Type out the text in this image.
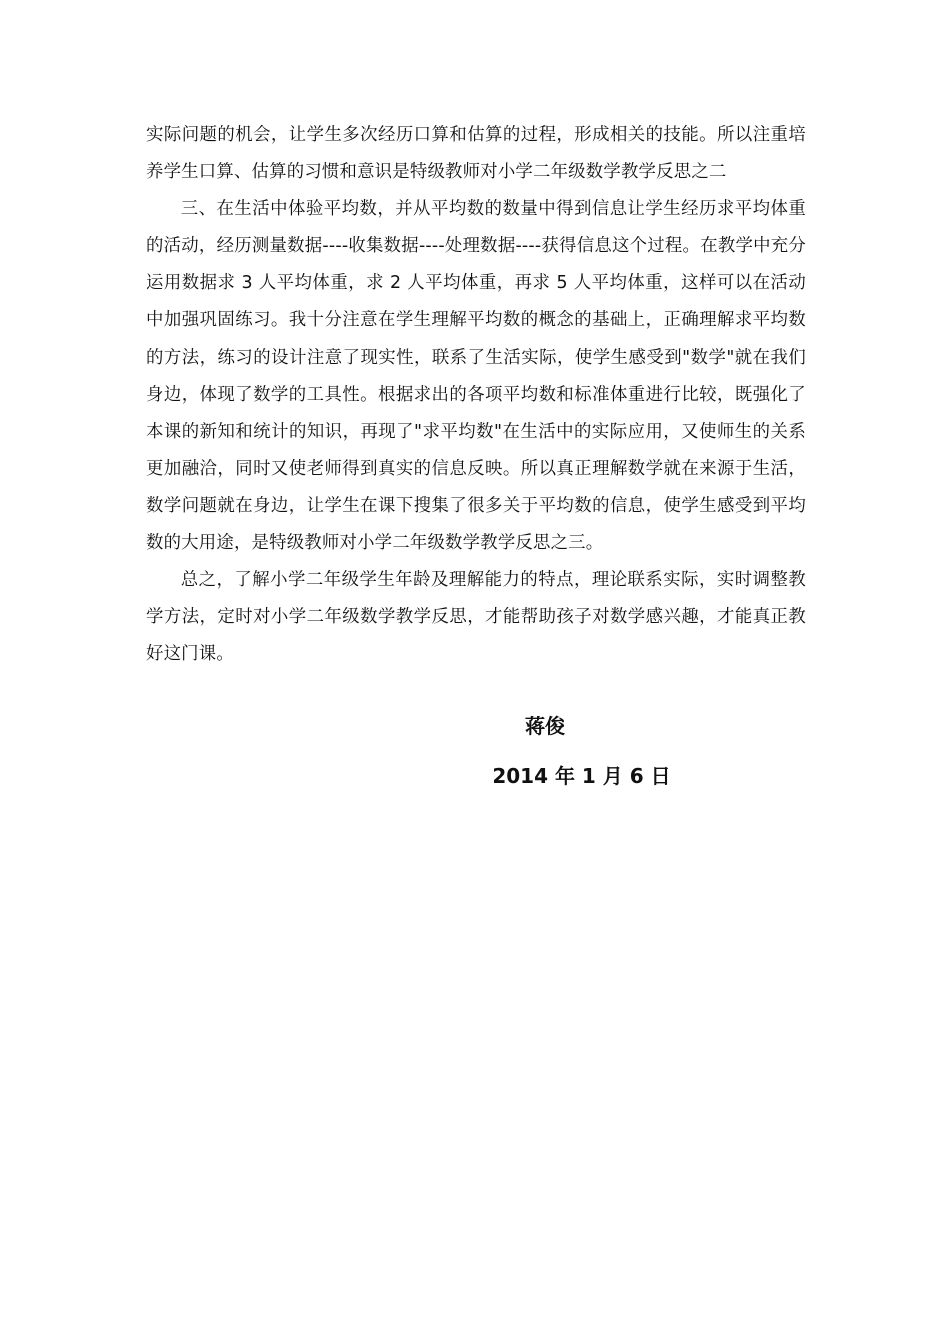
实际问题的机会，让学生多次经历口算和估算的过程，形成相关的技能。所以注重培养学生口算、估算的习惯和意识是特级教师对小学二年级数学教学反思之二

三、在生活中体验平均数，并从平均数的数量中得到信息让学生经历求平均体重的活动，经历测量数据----收集数据----处理数据----获得信息这个过程。在教学中充分运用数据求 3 人平均体重，求 2 人平均体重，再求 5 人平均体重，这样可以在活动中加强巩固练习。我十分注意在学生理解平均数的概念的基础上，正确理解求平均数的方法，练习的设计注意了现实性，联系了生活实际，使学生感受到"数学"就在我们身边，体现了数学的工具性。根据求出的各项平均数和标准体重进行比较，既强化了本课的新知和统计的知识，再现了"求平均数"在生活中的实际应用，又使师生的关系更加融洽，同时又使老师得到真实的信息反映。所以真正理解数学就在来源于生活，数学问题就在身边，让学生在课下搜集了很多关于平均数的信息，使学生感受到平均数的大用途，是特级教师对小学二年级数学教学反思之三。

总之，了解小学二年级学生年龄及理解能力的特点，理论联系实际，实时调整教学方法，定时对小学二年级数学教学反思，才能帮助孩子对数学感兴趣，才能真正教好这门课。

蒋俊
2014 年 1 月 6 日
